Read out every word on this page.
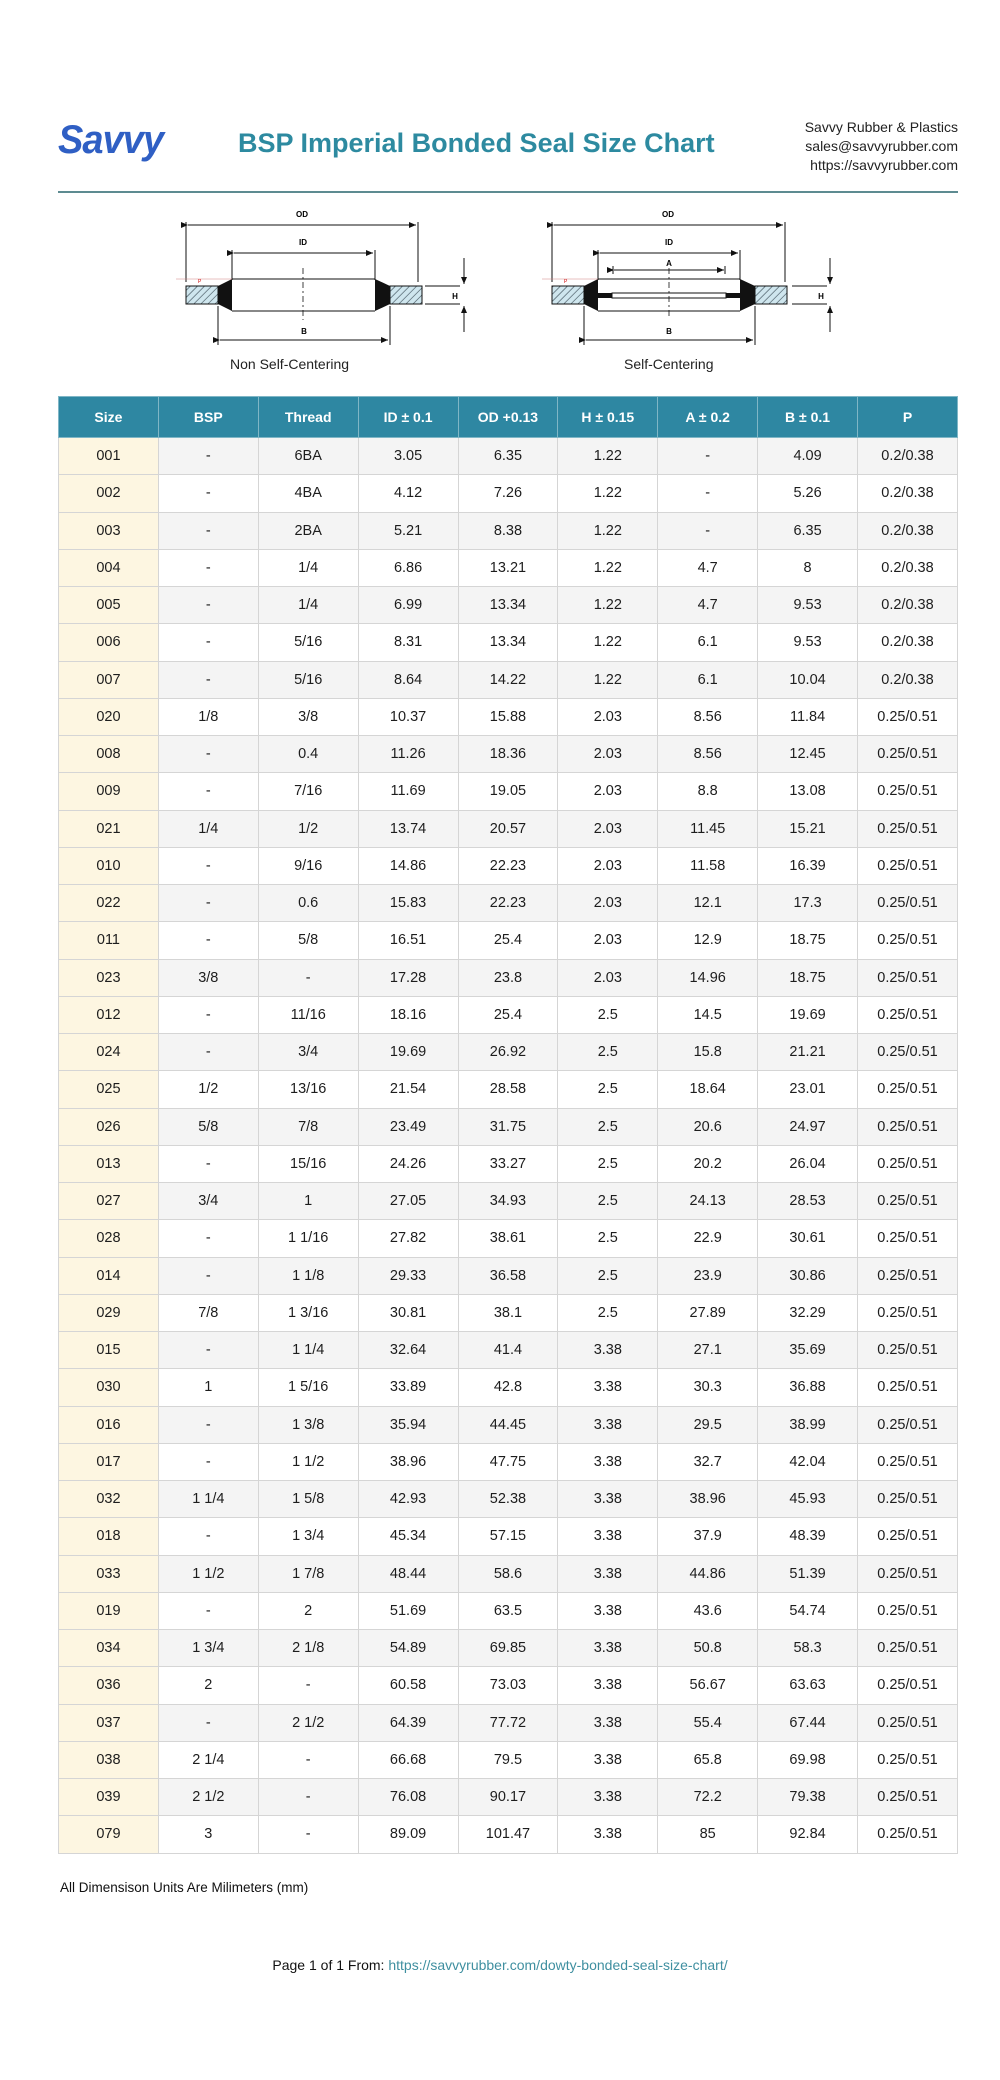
Savvy	BSP Imperial Bonded Seal Size Chart
Savvy Rubber & Plastics
sales@savvyrubber.com
https://savvyrubber.com
OD
ID
P
H
B
Non Self-Centering
OD
ID
A
P
H
B
Self-Centering
Size	BSP	Thread	ID ± 0.1	OD +0.13	H ± 0.15	A ± 0.2	B ± 0.1	P
001	-	6BA	3.05	6.35	1.22	-	4.09	0.2/0.38
002	-	4BA	4.12	7.26	1.22	-	5.26	0.2/0.38
003	-	2BA	5.21	8.38	1.22	-	6.35	0.2/0.38
004	-	1/4	6.86	13.21	1.22	4.7	8	0.2/0.38
005	-	1/4	6.99	13.34	1.22	4.7	9.53	0.2/0.38
006	-	5/16	8.31	13.34	1.22	6.1	9.53	0.2/0.38
007	-	5/16	8.64	14.22	1.22	6.1	10.04	0.2/0.38
020	1/8	3/8	10.37	15.88	2.03	8.56	11.84	0.25/0.51
008	-	0.4	11.26	18.36	2.03	8.56	12.45	0.25/0.51
009	-	7/16	11.69	19.05	2.03	8.8	13.08	0.25/0.51
021	1/4	1/2	13.74	20.57	2.03	11.45	15.21	0.25/0.51
010	-	9/16	14.86	22.23	2.03	11.58	16.39	0.25/0.51
022	-	0.6	15.83	22.23	2.03	12.1	17.3	0.25/0.51
011	-	5/8	16.51	25.4	2.03	12.9	18.75	0.25/0.51
023	3/8	-	17.28	23.8	2.03	14.96	18.75	0.25/0.51
012	-	11/16	18.16	25.4	2.5	14.5	19.69	0.25/0.51
024	-	3/4	19.69	26.92	2.5	15.8	21.21	0.25/0.51
025	1/2	13/16	21.54	28.58	2.5	18.64	23.01	0.25/0.51
026	5/8	7/8	23.49	31.75	2.5	20.6	24.97	0.25/0.51
013	-	15/16	24.26	33.27	2.5	20.2	26.04	0.25/0.51
027	3/4	1	27.05	34.93	2.5	24.13	28.53	0.25/0.51
028	-	1 1/16	27.82	38.61	2.5	22.9	30.61	0.25/0.51
014	-	1 1/8	29.33	36.58	2.5	23.9	30.86	0.25/0.51
029	7/8	1 3/16	30.81	38.1	2.5	27.89	32.29	0.25/0.51
015	-	1 1/4	32.64	41.4	3.38	27.1	35.69	0.25/0.51
030	1	1 5/16	33.89	42.8	3.38	30.3	36.88	0.25/0.51
016	-	1 3/8	35.94	44.45	3.38	29.5	38.99	0.25/0.51
017	-	1 1/2	38.96	47.75	3.38	32.7	42.04	0.25/0.51
032	1 1/4	1 5/8	42.93	52.38	3.38	38.96	45.93	0.25/0.51
018	-	1 3/4	45.34	57.15	3.38	37.9	48.39	0.25/0.51
033	1 1/2	1 7/8	48.44	58.6	3.38	44.86	51.39	0.25/0.51
019	-	2	51.69	63.5	3.38	43.6	54.74	0.25/0.51
034	1 3/4	2 1/8	54.89	69.85	3.38	50.8	58.3	0.25/0.51
036	2	-	60.58	73.03	3.38	56.67	63.63	0.25/0.51
037	-	2 1/2	64.39	77.72	3.38	55.4	67.44	0.25/0.51
038	2 1/4	-	66.68	79.5	3.38	65.8	69.98	0.25/0.51
039	2 1/2	-	76.08	90.17	3.38	72.2	79.38	0.25/0.51
079	3	-	89.09	101.47	3.38	85	92.84	0.25/0.51
All Dimensison Units Are Milimeters (mm)
Page 1 of 1 From: https://savvyrubber.com/dowty-bonded-seal-size-chart/
